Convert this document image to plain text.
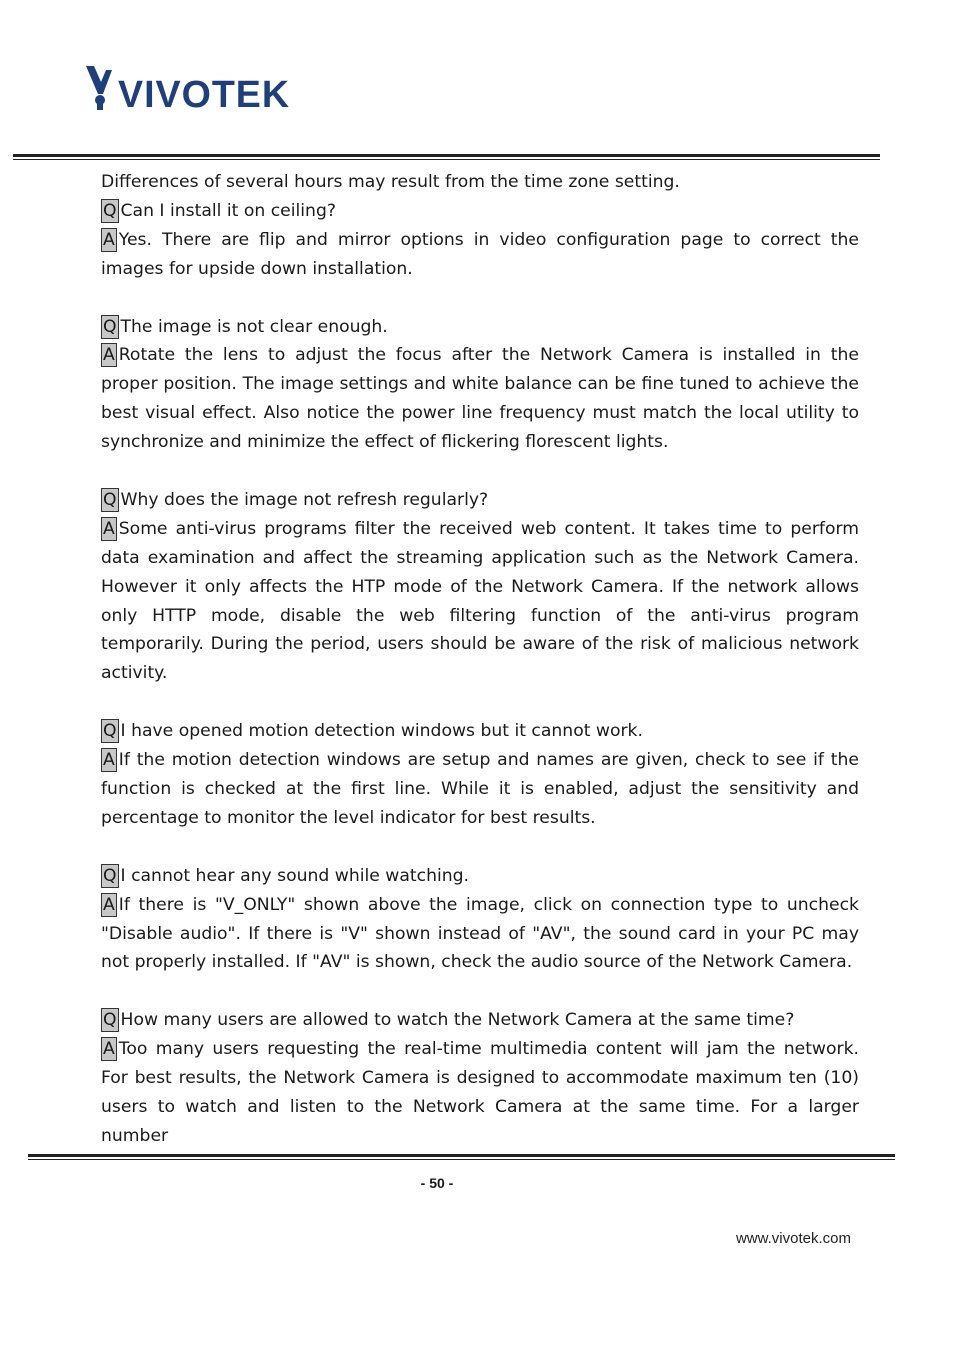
VIVOTEK

Differences of several hours may result from the time zone setting.

Q Can I install it on ceiling?

A Yes. There are flip and mirror options in video configuration page to correct the images for upside down installation.

Q The image is not clear enough.

A Rotate the lens to adjust the focus after the Network Camera is installed in the proper position. The image settings and white balance can be fine tuned to achieve the best visual effect. Also notice the power line frequency must match the local utility to synchronize and minimize the effect of flickering florescent lights.

Q Why does the image not refresh regularly?

A Some anti-virus programs filter the received web content. It takes time to perform data examination and affect the streaming application such as the Network Camera. However it only affects the HTP mode of the Network Camera. If the network allows only HTTP mode, disable the web filtering function of the anti-virus program temporarily. During the period, users should be aware of the risk of malicious network activity.

Q I have opened motion detection windows but it cannot work.

A If the motion detection windows are setup and names are given, check to see if the function is checked at the first line. While it is enabled, adjust the sensitivity and percentage to monitor the level indicator for best results.

Q I cannot hear any sound while watching.

A If there is "V_ONLY" shown above the image, click on connection type to uncheck "Disable audio". If there is "V" shown instead of "AV", the sound card in your PC may not properly installed. If "AV" is shown, check the audio source of the Network Camera.

Q How many users are allowed to watch the Network Camera at the same time?

A Too many users requesting the real-time multimedia content will jam the network. For best results, the Network Camera is designed to accommodate maximum ten (10) users to watch and listen to the Network Camera at the same time. For a larger number

- 50 -
www.vivotek.com
